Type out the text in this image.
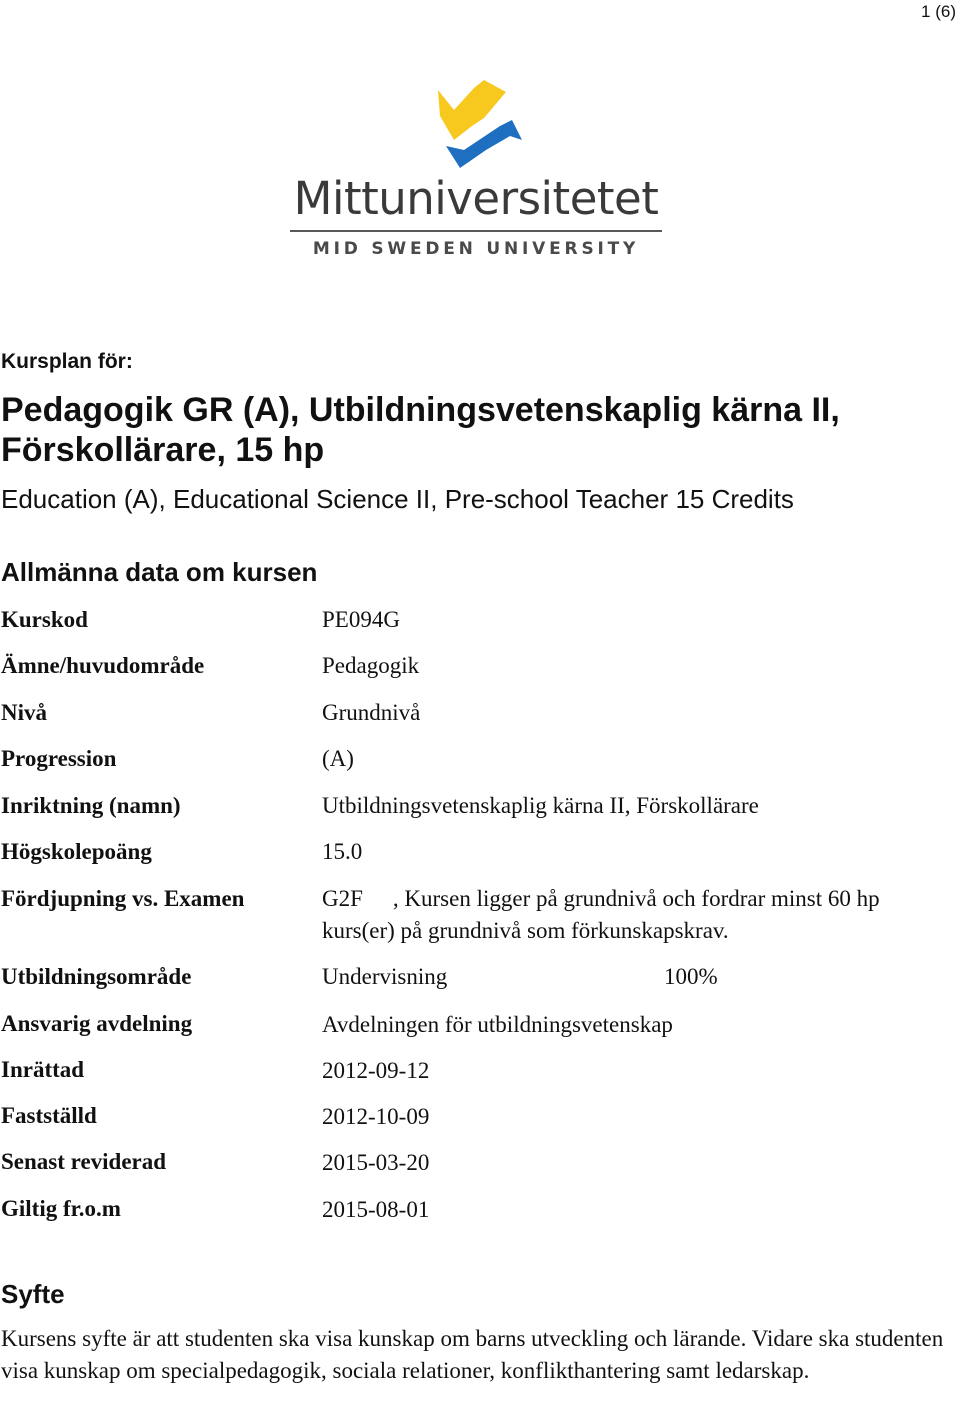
1 (6)
Mittuniversitetet
MID SWEDEN UNIVERSITY
Kursplan för:
Pedagogik GR (A), Utbildningsvetenskaplig kärna II, Förskollärare, 15 hp
Education (A), Educational Science II, Pre-school Teacher 15 Credits
Allmänna data om kursen
Kurskod	PE094G
Ämne/huvudområde	Pedagogik
Nivå	Grundnivå
Progression	(A)
Inriktning (namn)	Utbildningsvetenskaplig kärna II, Förskollärare
Högskolepoäng	15.0
Fördjupning vs. Examen	G2F , Kursen ligger på grundnivå och fordrar minst 60 hp kurs(er) på grundnivå som förkunskapskrav.
Utbildningsområde	Undervisning	100%
Ansvarig avdelning	Avdelningen för utbildningsvetenskap
Inrättad	2012-09-12
Fastställd	2012-10-09
Senast reviderad	2015-03-20
Giltig fr.o.m	2015-08-01
Syfte

Kursens syfte är att studenten ska visa kunskap om barns utveckling och lärande. Vidare ska studenten visa kunskap om specialpedagogik, sociala relationer, konflikthantering samt ledarskap.
